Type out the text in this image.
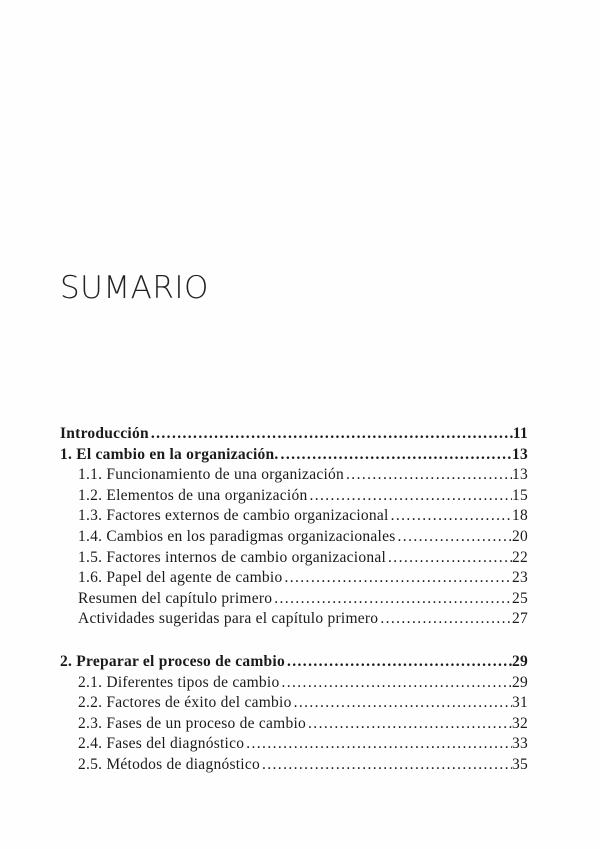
SUMARIO
Introducción .....	11
1. El cambio en la organización. .....	13
1.1. Funcionamiento de una organización .....	13
1.2. Elementos de una organización .....	15
1.3. Factores externos de cambio organizacional .....	18
1.4. Cambios en los paradigmas organizacionales .....	20
1.5. Factores internos de cambio organizacional .....	22
1.6. Papel del agente de cambio .....	23
Resumen del capítulo primero .....	25
Actividades sugeridas para el capítulo primero .....	27
2. Preparar el proceso de cambio .....	29
2.1. Diferentes tipos de cambio .....	29
2.2. Factores de éxito del cambio .....	31
2.3. Fases de un proceso de cambio .....	32
2.4. Fases del diagnóstico .....	33
2.5. Métodos de diagnóstico .....	35
